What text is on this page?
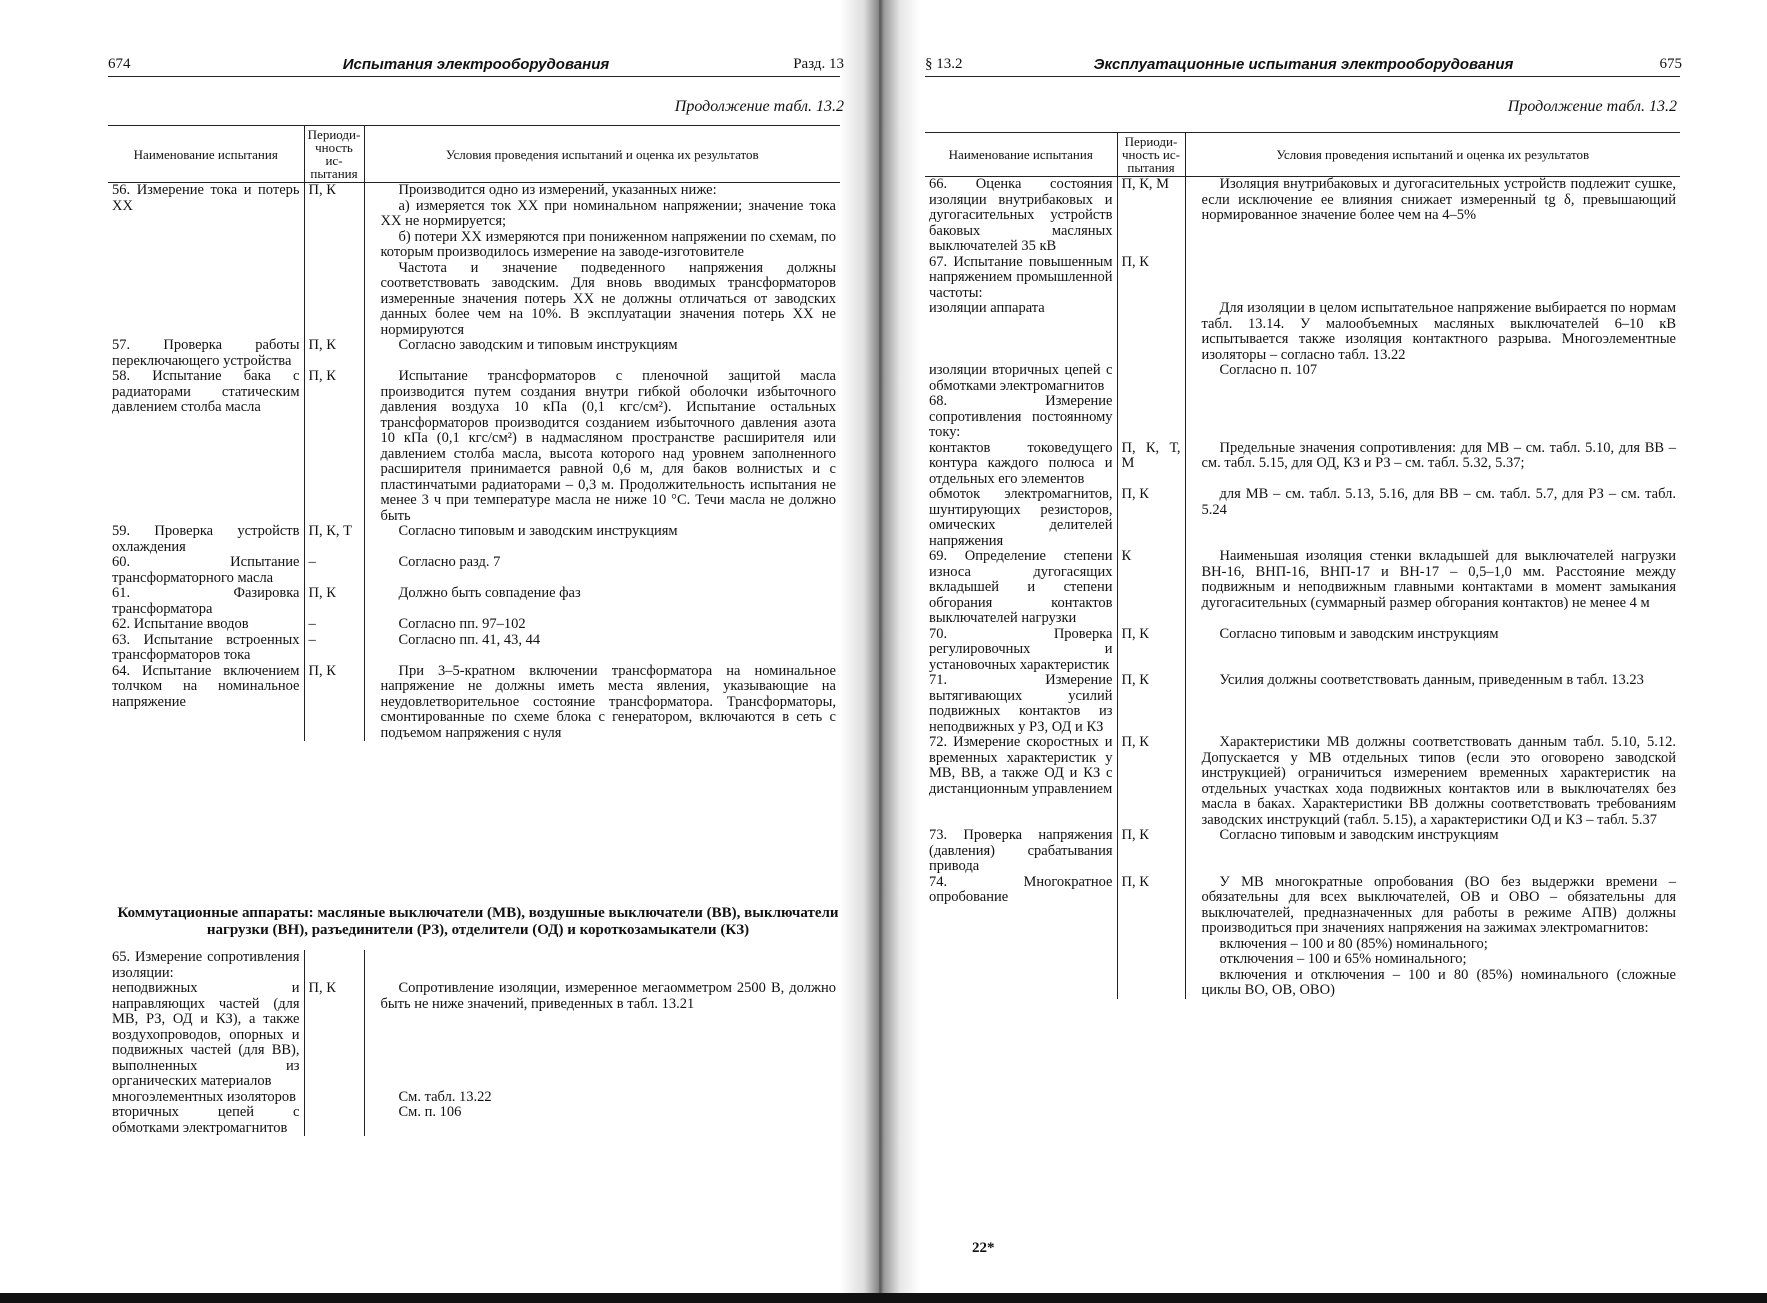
674	Испытания электрооборудования	Разд. 13
Продолжение табл. 13.2
Наименование испытания	Периоди-чность ис-пытания	Условия проведения испытаний и оценка их результатов
56. Измерение тока и потерь ХХ	П, К	Производится одно из измерений, указанных ниже:

а) измеряется ток ХХ при номинальном напряжении; значение тока ХХ не нормируется;

б) потери ХХ измеряются при пониженном напряжении по схемам, по которым производилось измерение на заводе-изготовителе

Частота и значение подведенного напряжения должны соответствовать заводским. Для вновь вводимых трансформаторов измеренные значения потерь ХХ не должны отличаться от заводских данных более чем на 10%. В эксплуатации значения потерь ХХ не нормируются

57. Проверка работы переключающего устройства	П, К	Согласно заводским и типовым инструкциям

58. Испытание бака с радиаторами статическим давлением столба масла	П, К	Испытание трансформаторов с пленочной защитой масла производится путем создания внутри гибкой оболочки избыточного давления воздуха 10 кПа (0,1 кгс/см²). Испытание остальных трансформаторов производится созданием избыточного давления азота 10 кПа (0,1 кгс/см²) в надмасляном пространстве расширителя или давлением столба масла, высота которого над уровнем заполненного расширителя принимается равной 0,6 м, для баков волнистых и с пластинчатыми радиаторами – 0,3 м. Продолжительность испытания не менее 3 ч при температуре масла не ниже 10 °С. Течи масла не должно быть

59. Проверка устройств охлаждения	П, К, Т	Согласно типовым и заводским инструкциям

60. Испытание трансформаторного масла	–	Согласно разд. 7

61. Фазировка трансформатора	П, К	Должно быть совпадение фаз

62. Испытание вводов	–	Согласно пп. 97–102

63. Испытание встроенных трансформаторов тока	–	Согласно пп. 41, 43, 44

64. Испытание включением толчком на номинальное напряжение	П, К	При 3–5-кратном включении трансформатора на номинальное напряжение не должны иметь места явления, указывающие на неудовлетворительное состояние трансформатора. Трансформаторы, смонтированные по схеме блока с генератором, включаются в сеть с подъемом напряжения с нуля

Коммутационные аппараты: масляные выключатели (МВ), воздушные выключатели (ВВ), выключатели нагрузки (ВН), разъединители (РЗ), отделители (ОД) и короткозамыкатели (КЗ)
65. Измерение сопротивления изоляции:		
неподвижных и направляющих частей (для МВ, РЗ, ОД и КЗ), а также воздухопроводов, опорных и подвижных частей (для ВВ), выполненных из органических материалов	П, К	Сопротивление изоляции, измеренное мегаомметром 2500 В, должно быть не ниже значений, приведенных в табл. 13.21

многоэлементных изоляторов		См. табл. 13.22

вторичных цепей с обмотками электромагнитов		См. п. 106

§ 13.2	Эксплуатационные испытания электрооборудования	675
Продолжение табл. 13.2
Наименование испытания	Периоди-чность ис-пытания	Условия проведения испытаний и оценка их результатов
66. Оценка состояния изоляции внутрибаковых и дугогасительных устройств баковых масляных выключателей 35 кВ	П, К, М	Изоляция внутрибаковых и дугогасительных устройств подлежит сушке, если исключение ее влияния снижает измеренный tg δ, превышающий нормированное значение более чем на 4–5%

67. Испытание повышенным напряжением промышленной частоты:	П, К	
изоляции аппарата		Для изоляции в целом испытательное напряжение выбирается по нормам табл. 13.14. У малообъемных масляных выключателей 6–10 кВ испытывается также изоляция контактного разрыва. Многоэлементные изоляторы – согласно табл. 13.22

изоляции вторичных цепей с обмотками электромагнитов		Согласно п. 107

68. Измерение сопротивления постоянному току:		
контактов токоведущего контура каждого полюса и отдельных его элементов	П, К, Т, М	Предельные значения сопротивления: для МВ – см. табл. 5.10, для ВВ – см. табл. 5.15, для ОД, КЗ и РЗ – см. табл. 5.32, 5.37;

обмоток электромагнитов, шунтирующих резисторов, омических делителей напряжения	П, К	для МВ – см. табл. 5.13, 5.16, для ВВ – см. табл. 5.7, для РЗ – см. табл. 5.24

69. Определение степени износа дугогасящих вкладышей и степени обгорания контактов выключателей нагрузки	К	Наименьшая изоляция стенки вкладышей для выключателей нагрузки ВН-16, ВНП-16, ВНП-17 и ВН-17 – 0,5–1,0 мм. Расстояние между подвижным и неподвижным главными контактами в момент замыкания дугогасительных (суммарный размер обгорания контактов) не менее 4 м

70. Проверка регулировочных и установочных характеристик	П, К	Согласно типовым и заводским инструкциям

71. Измерение вытягивающих усилий подвижных контактов из неподвижных у РЗ, ОД и КЗ	П, К	Усилия должны соответствовать данным, приведенным в табл. 13.23

72. Измерение скоростных и временных характеристик у МВ, ВВ, а также ОД и КЗ с дистанционным управлением	П, К	Характеристики МВ должны соответствовать данным табл. 5.10, 5.12. Допускается у МВ отдельных типов (если это оговорено заводской инструкцией) ограничиться измерением временных характеристик на отдельных участках хода подвижных контактов или в выключателях без масла в баках. Характеристики ВВ должны соответствовать требованиям заводских инструкций (табл. 5.15), а характеристики ОД и КЗ – табл. 5.37

73. Проверка напряжения (давления) срабатывания привода	П, К	Согласно типовым и заводским инструкциям

74. Многократное опробование	П, К	У МВ многократные опробования (ВО без выдержки времени – обязательны для всех выключателей, ОВ и ОВО – обязательны для выключателей, предназначенных для работы в режиме АПВ) должны производиться при значениях напряжения на зажимах электромагнитов:

включения – 100 и 80 (85%) номинального;

отключения – 100 и 65% номинального;

включения и отключения – 100 и 80 (85%) номинального (сложные циклы ВО, ОВ, ОВО)

22*
